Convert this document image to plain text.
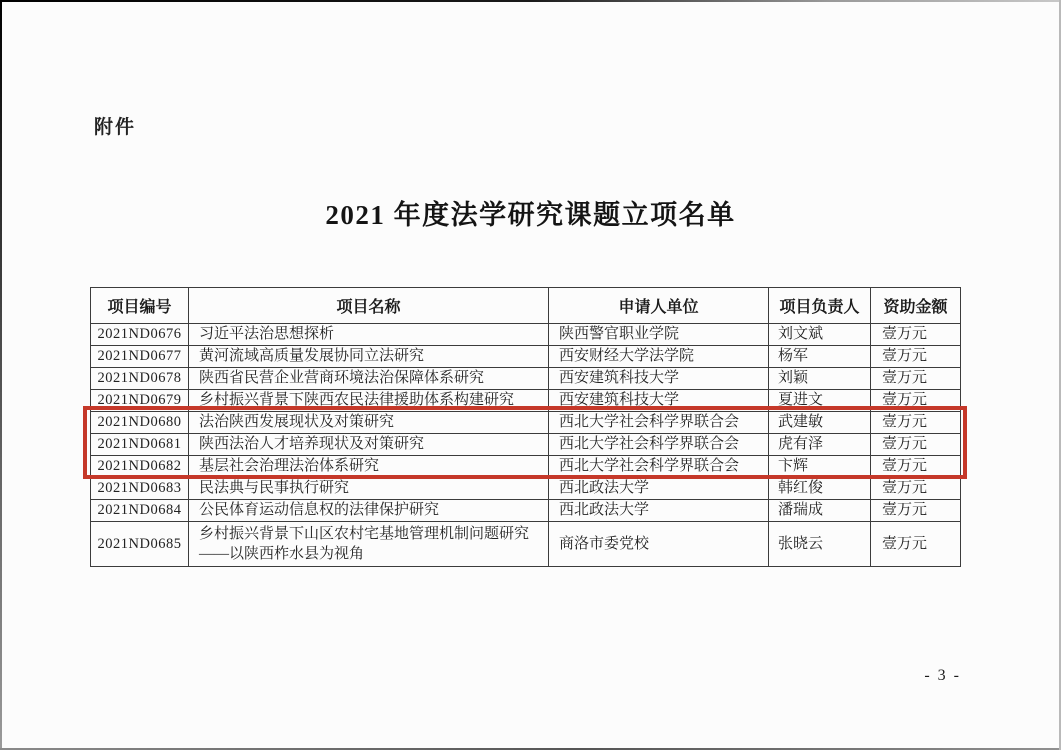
附件
2021 年度法学研究课题立项名单
项目编号	项目名称	申请人单位	项目负责人	资助金额
2021ND0676	习近平法治思想探析	陕西警官职业学院	刘文斌	壹万元
2021ND0677	黄河流域高质量发展协同立法研究	西安财经大学法学院	杨军	壹万元
2021ND0678	陕西省民营企业营商环境法治保障体系研究	西安建筑科技大学	刘颖	壹万元
2021ND0679	乡村振兴背景下陕西农民法律援助体系构建研究	西安建筑科技大学	夏进文	壹万元
2021ND0680	法治陕西发展现状及对策研究	西北大学社会科学界联合会	武建敏	壹万元
2021ND0681	陕西法治人才培养现状及对策研究	西北大学社会科学界联合会	虎有泽	壹万元
2021ND0682	基层社会治理法治体系研究	西北大学社会科学界联合会	卞辉	壹万元
2021ND0683	民法典与民事执行研究	西北政法大学	韩红俊	壹万元
2021ND0684	公民体育运动信息权的法律保护研究	西北政法大学	潘瑞成	壹万元
2021ND0685	乡村振兴背景下山区农村宅基地管理机制问题研究——以陕西柞水县为视角	商洛市委党校	张晓云	壹万元
- 3 -
